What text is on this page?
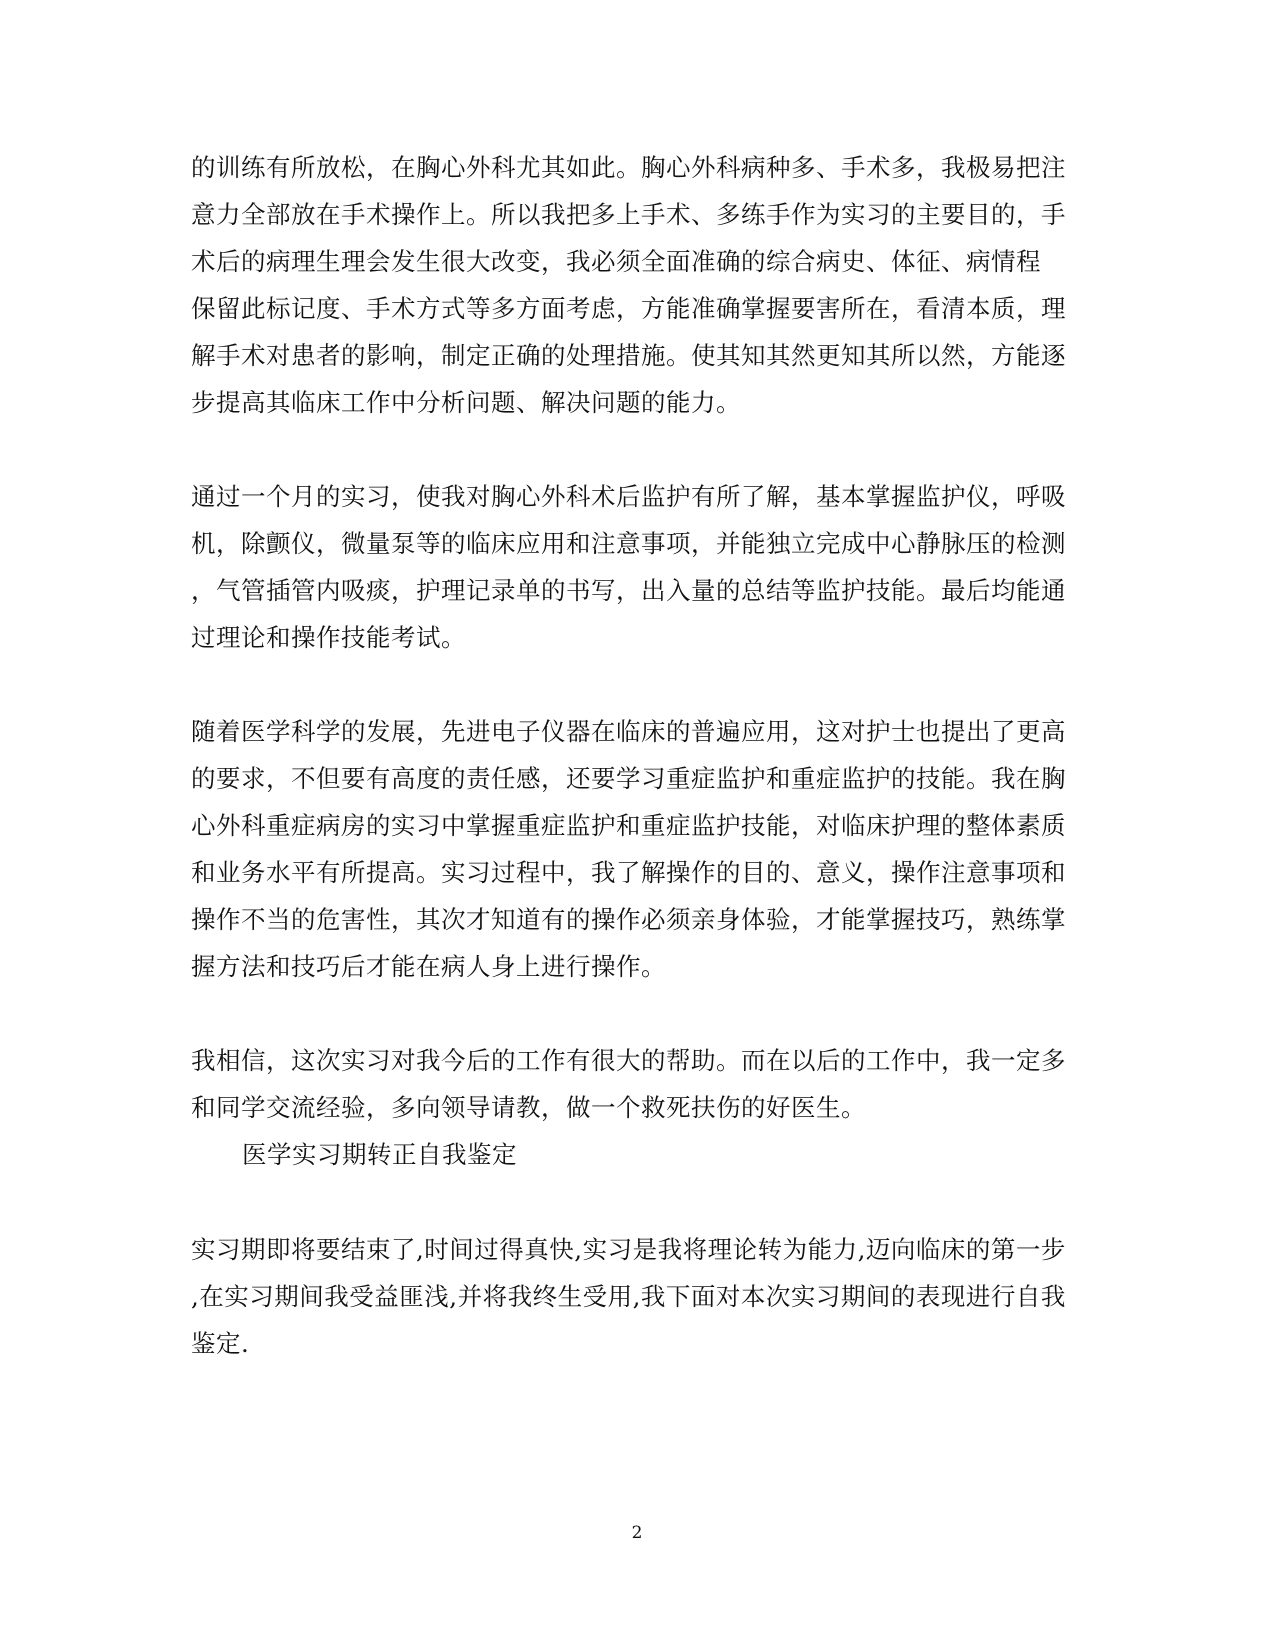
的训练有所放松，在胸心外科尤其如此。胸心外科病种多、手术多，我极易把注
意力全部放在手术操作上。所以我把多上手术、多练手作为实习的主要目的，手
术后的病理生理会发生很大改变，我必须全面准确的综合病史、体征、病情程
保留此标记度、手术方式等多方面考虑，方能准确掌握要害所在，看清本质，理
解手术对患者的影响，制定正确的处理措施。使其知其然更知其所以然，方能逐
步提高其临床工作中分析问题、解决问题的能力。
通过一个月的实习，使我对胸心外科术后监护有所了解，基本掌握监护仪，呼吸
机，除颤仪，微量泵等的临床应用和注意事项，并能独立完成中心静脉压的检测
，气管插管内吸痰，护理记录单的书写，出入量的总结等监护技能。最后均能通
过理论和操作技能考试。
随着医学科学的发展，先进电子仪器在临床的普遍应用，这对护士也提出了更高
的要求，不但要有高度的责任感，还要学习重症监护和重症监护的技能。我在胸
心外科重症病房的实习中掌握重症监护和重症监护技能，对临床护理的整体素质
和业务水平有所提高。实习过程中，我了解操作的目的、意义，操作注意事项和
操作不当的危害性，其次才知道有的操作必须亲身体验，才能掌握技巧，熟练掌
握方法和技巧后才能在病人身上进行操作。
我相信，这次实习对我今后的工作有很大的帮助。而在以后的工作中，我一定多
和同学交流经验，多向领导请教，做一个救死扶伤的好医生。
医学实习期转正自我鉴定
实习期即将要结束了,时间过得真快,实习是我将理论转为能力,迈向临床的第一步
,在实习期间我受益匪浅,并将我终生受用,我下面对本次实习期间的表现进行自我
鉴定.
2
